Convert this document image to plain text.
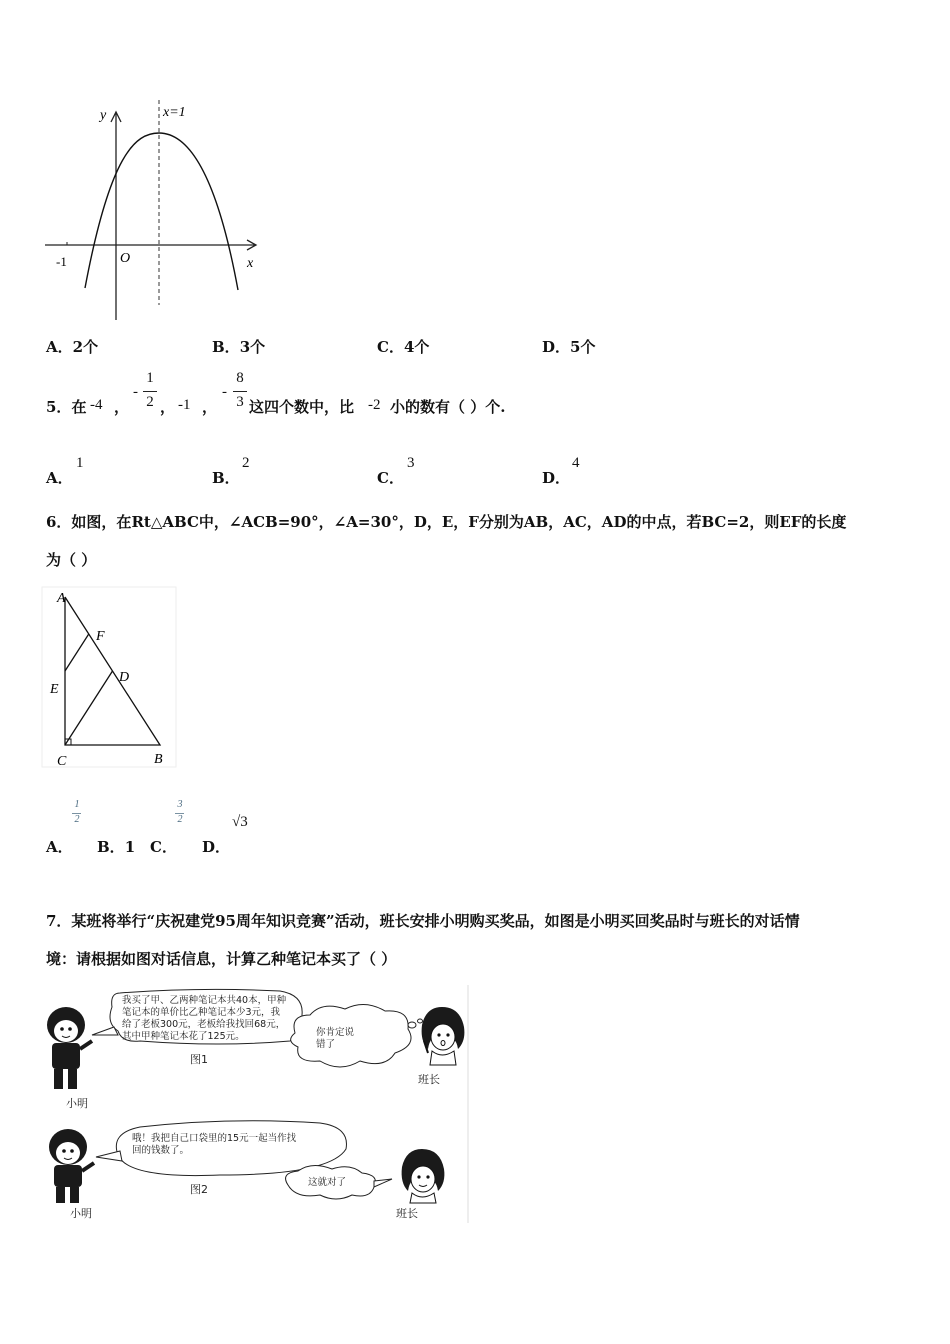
y
x
x=1
O
-1
A．2个	B．3个	C．4个	D．5个
5．在 -4 ，
-
1
2 ， -1 ，
-
8
3 这四个数中，比 -2 小的数有（ ）个.
A．
1
B．
2
C．
3
D．
4
6．如图，在Rt△ABC中，∠ACB=90°，∠A=30°，D，E，F分别为AB，AC，AD的中点，若BC=2，则EF的长度
为（ ）
A
F
D
E
C	B
A．
1
2
B．1 C．
3
2
D．
√3
7．某班将举行“庆祝建党95周年知识竞赛”活动，班长安排小明购买奖品，如图是小明买回奖品时与班长的对话情
境：请根据如图对话信息，计算乙种笔记本买了（ ）
我买了甲、乙两种笔记本共40本，甲种
笔记本的单价比乙种笔记本少3元，我
给了老板300元，老板给我找回68元，
其中甲种笔记本花了125元。	你肯定说
错了
哦！我把自己口袋里的15元一起当作找
回的钱数了。
这就对了
图1
图2
小明
班长
小明	班长
